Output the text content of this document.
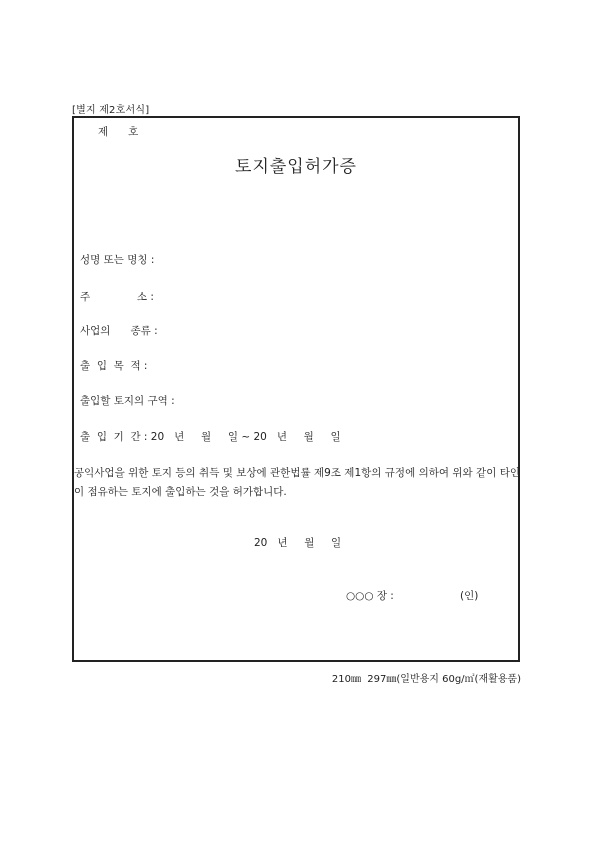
[별지 제2호서식]
제      호
토지출입허가증
성명 또는 명칭 :
주              소 :
사업의      종류 :
출  입  목  적 :
출입할 토지의 구역 :
출  입  기  간 : 20   년     월     일 ~ 20   년     월     일
공익사업을 위한 토지 등의 취득 및 보상에 관한법률 제9조 제1항의 규정에 의하여 위와 같이 타인이 점유하는 토지에 출입하는 것을 허가합니다.
20   년     월     일
○○○ 장 :	(인)
210㎜  297㎜(일반용지 60g/㎡(재활용품)
